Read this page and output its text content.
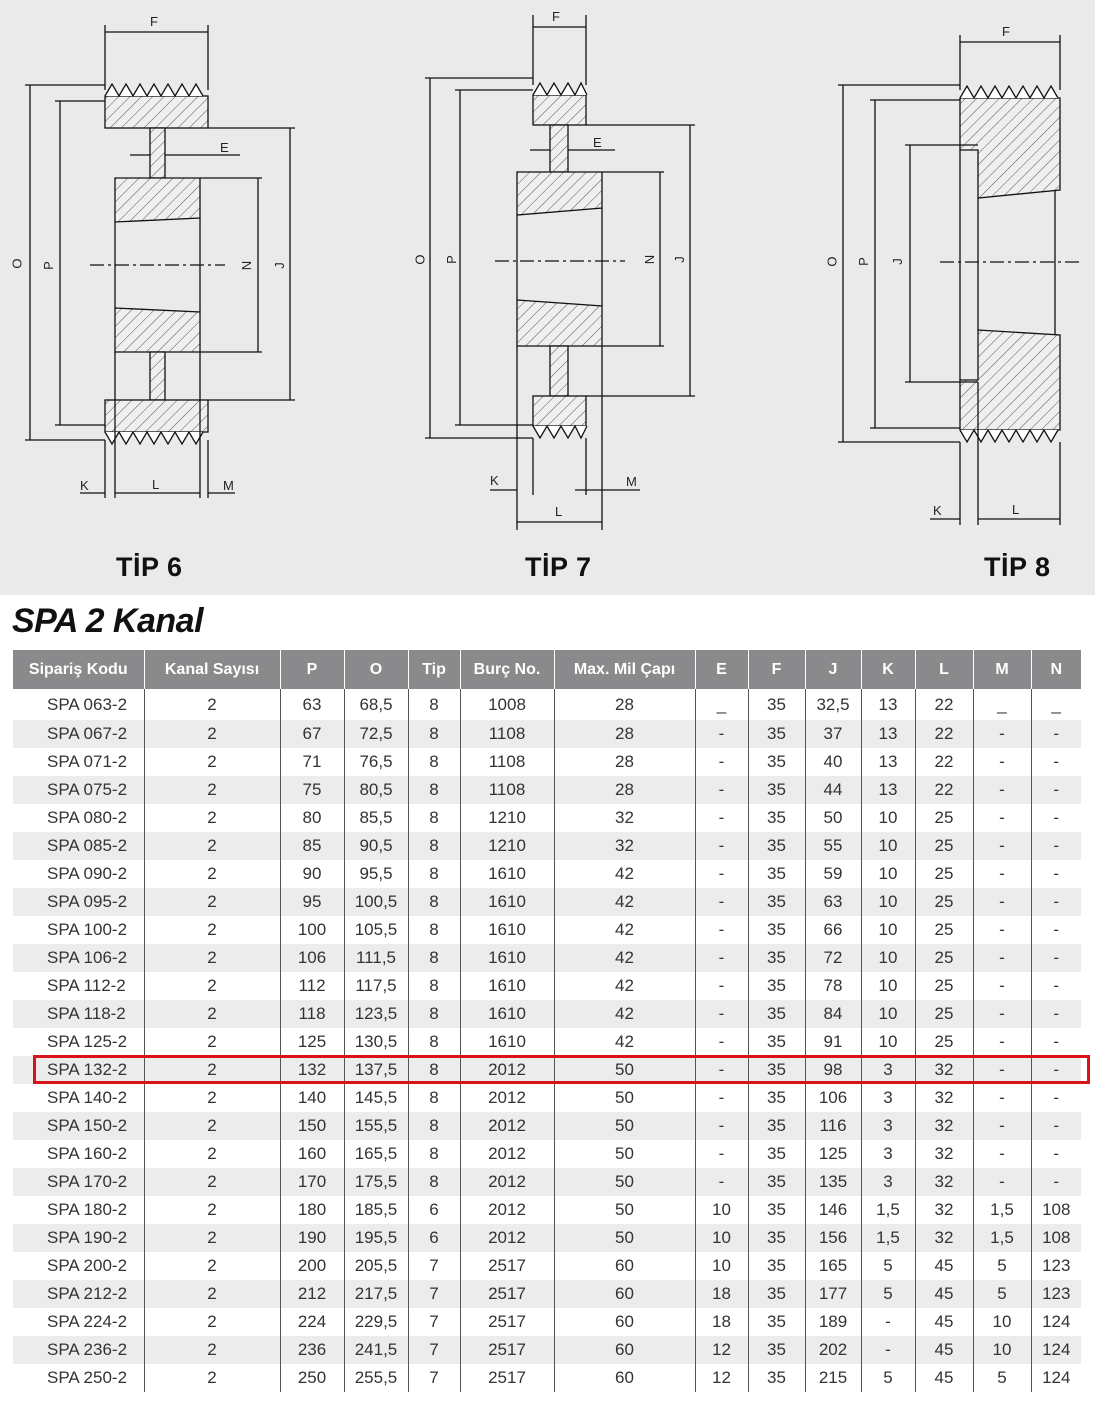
F
E
O P	N J
K	L	M
F
E
O P	N J
K
L
M
F
O P J
K	L
TİP 6	TİP 7	TİP 8
SPA 2 Kanal
Sipariş Kodu	Kanal Sayısı	P	O	Tip	Burç No.	Max. Mil Çapı	E	F	J	K	L	M	N
SPA 063-2	2	63	68,5	8	1008	28	_	35	32,5	13	22	_	_
SPA 067-2	2	67	72,5	8	1108	28	-	35	37	13	22	-	-
SPA 071-2	2	71	76,5	8	1108	28	-	35	40	13	22	-	-
SPA 075-2	2	75	80,5	8	1108	28	-	35	44	13	22	-	-
SPA 080-2	2	80	85,5	8	1210	32	-	35	50	10	25	-	-
SPA 085-2	2	85	90,5	8	1210	32	-	35	55	10	25	-	-
SPA 090-2	2	90	95,5	8	1610	42	-	35	59	10	25	-	-
SPA 095-2	2	95	100,5	8	1610	42	-	35	63	10	25	-	-
SPA 100-2	2	100	105,5	8	1610	42	-	35	66	10	25	-	-
SPA 106-2	2	106	111,5	8	1610	42	-	35	72	10	25	-	-
SPA 112-2	2	112	117,5	8	1610	42	-	35	78	10	25	-	-
SPA 118-2	2	118	123,5	8	1610	42	-	35	84	10	25	-	-
SPA 125-2	2	125	130,5	8	1610	42	-	35	91	10	25	-	-
SPA 132-2	2	132	137,5	8	2012	50	-	35	98	3	32	-	-
SPA 140-2	2	140	145,5	8	2012	50	-	35	106	3	32	-	-
SPA 150-2	2	150	155,5	8	2012	50	-	35	116	3	32	-	-
SPA 160-2	2	160	165,5	8	2012	50	-	35	125	3	32	-	-
SPA 170-2	2	170	175,5	8	2012	50	-	35	135	3	32	-	-
SPA 180-2	2	180	185,5	6	2012	50	10	35	146	1,5	32	1,5	108
SPA 190-2	2	190	195,5	6	2012	50	10	35	156	1,5	32	1,5	108
SPA 200-2	2	200	205,5	7	2517	60	10	35	165	5	45	5	123
SPA 212-2	2	212	217,5	7	2517	60	18	35	177	5	45	5	123
SPA 224-2	2	224	229,5	7	2517	60	18	35	189	-	45	10	124
SPA 236-2	2	236	241,5	7	2517	60	12	35	202	-	45	10	124
SPA 250-2	2	250	255,5	7	2517	60	12	35	215	5	45	5	124
